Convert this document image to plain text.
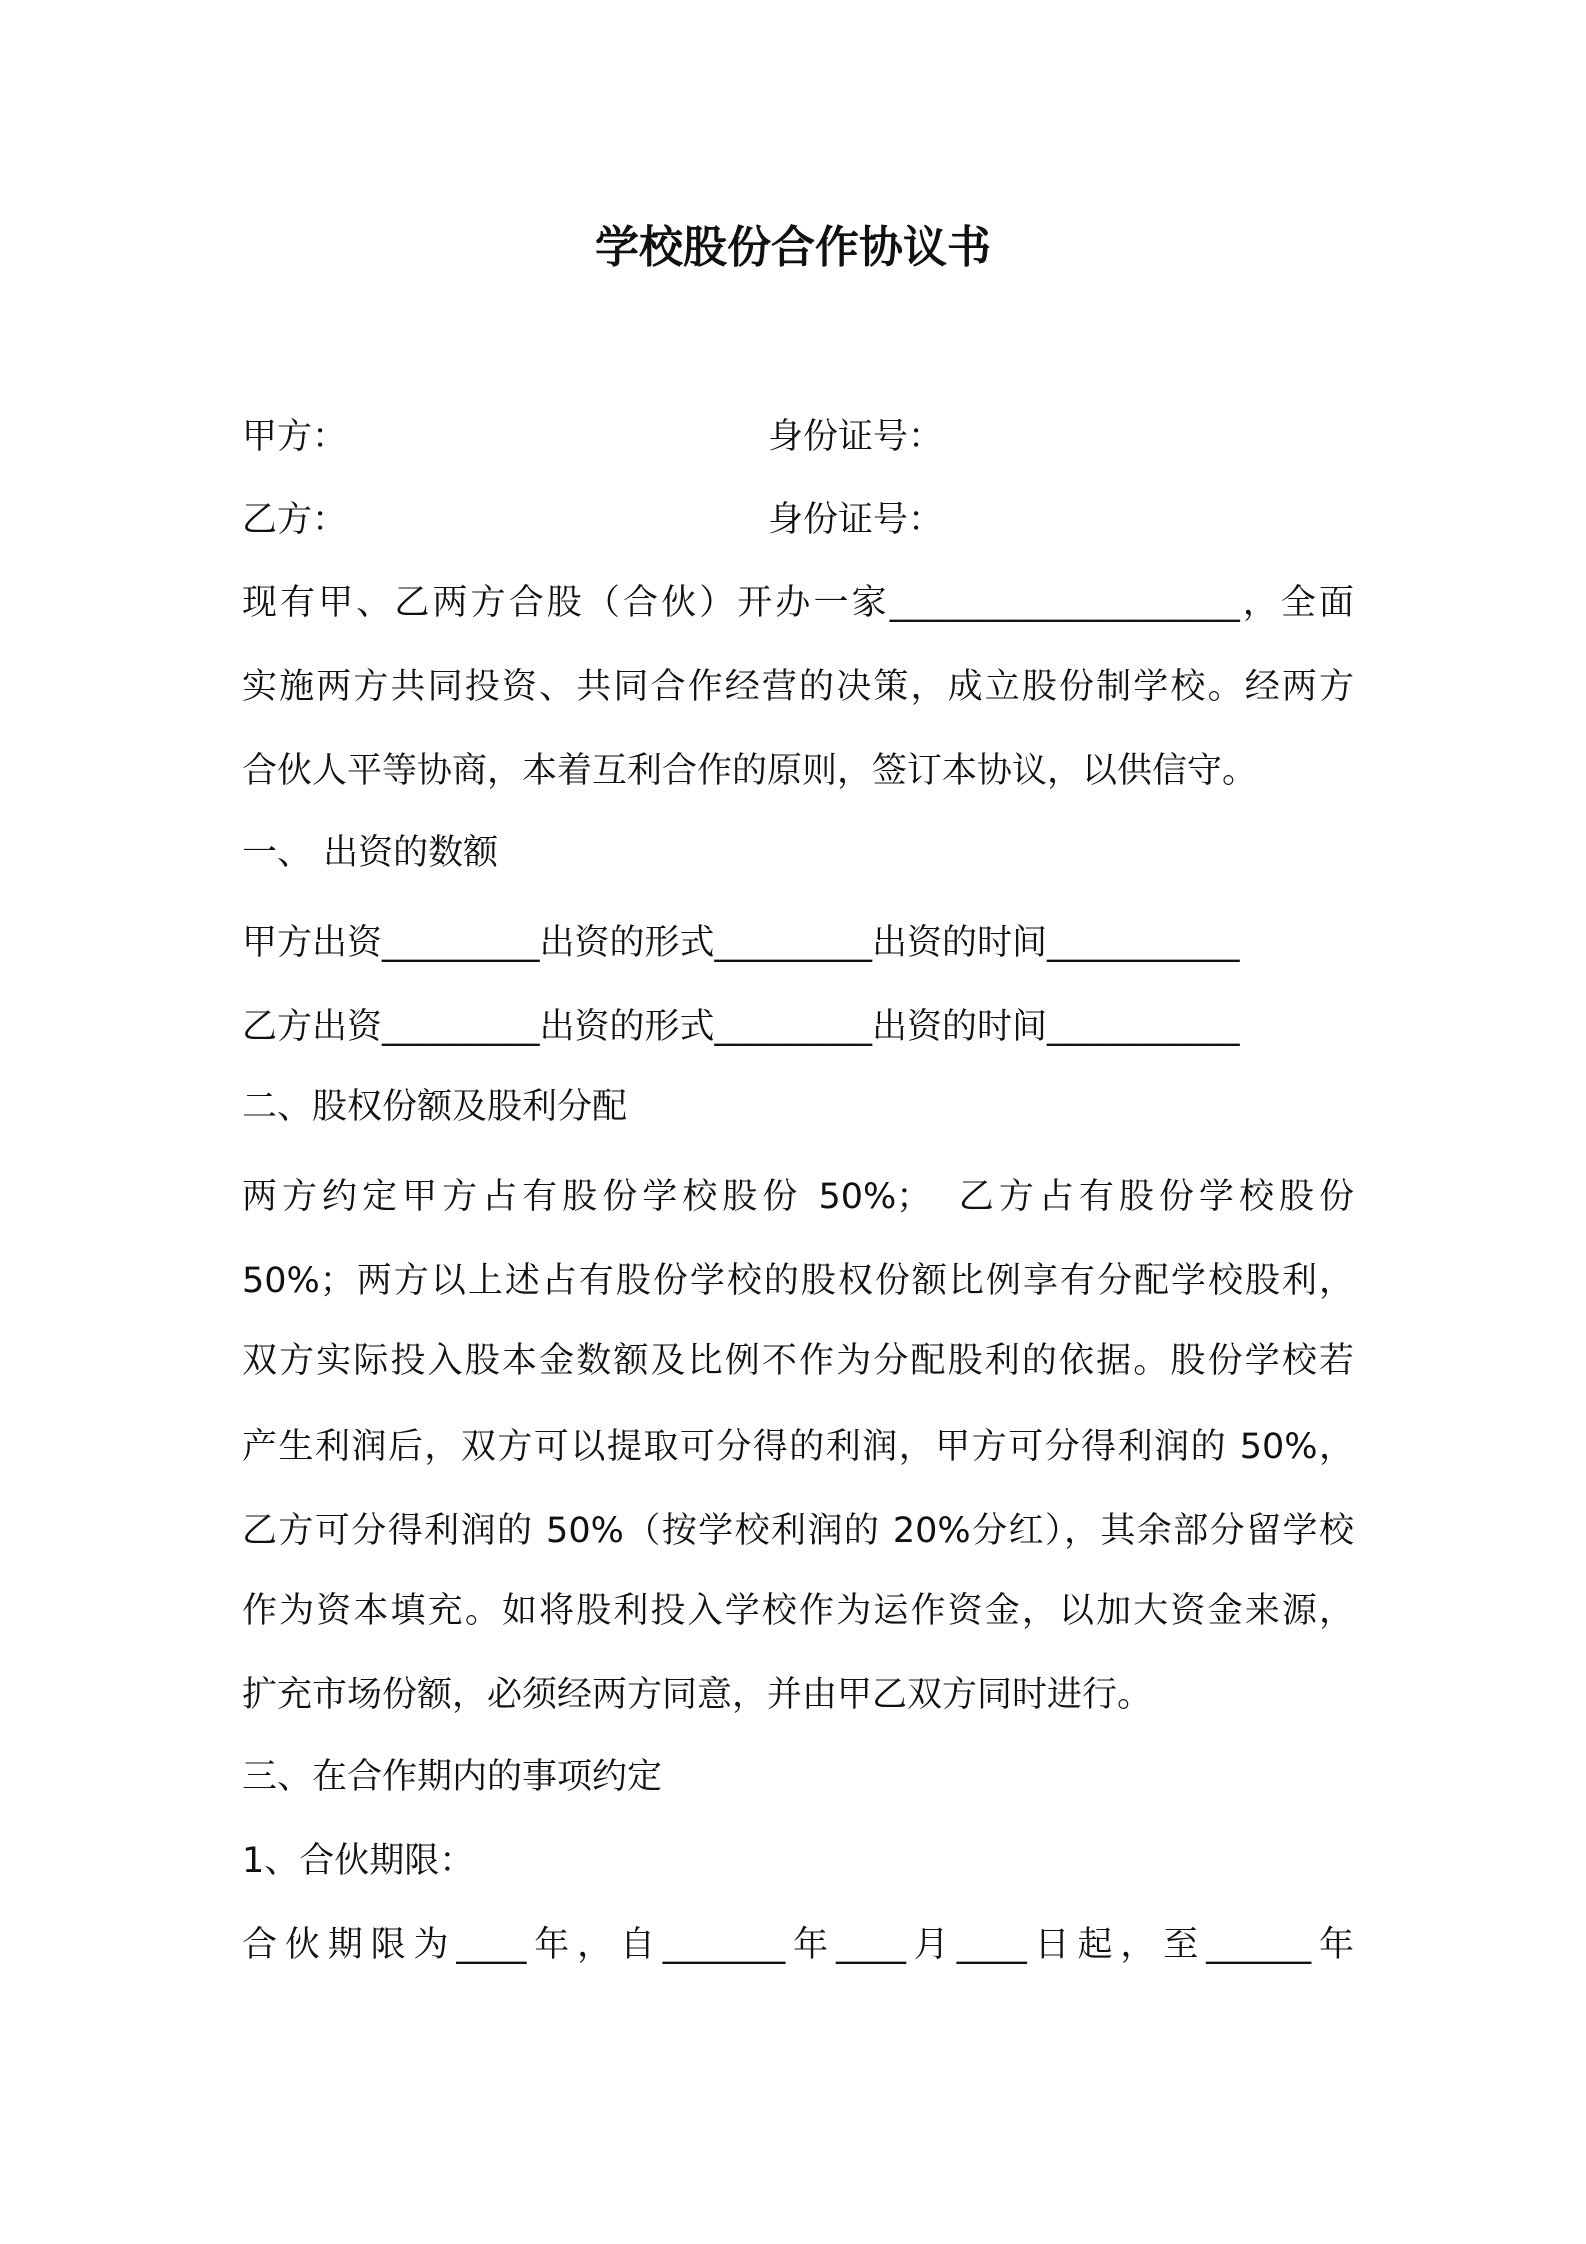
学校股份合作协议书
甲方：	身份证号：
乙方：	身份证号：
现有甲、乙两方合股（合伙）开办一家____________________，全面
实施两方共同投资、共同合作经营的决策，成立股份制学校。经两方
合伙人平等协商，本着互利合作的原则，签订本协议，以供信守。
一、 出资的数额
甲方出资_________出资的形式_________出资的时间___________
乙方出资_________出资的形式_________出资的时间___________
二、股权份额及股利分配
两方约定甲方占有股份学校股份 50%；　乙方占有股份学校股份
50%；两方以上述占有股份学校的股权份额比例享有分配学校股利，
双方实际投入股本金数额及比例不作为分配股利的依据。股份学校若
产生利润后，双方可以提取可分得的利润，甲方可分得利润的 50%，
乙方可分得利润的 50%（按学校利润的 20%分红），其余部分留学校
作为资本填充。如将股利投入学校作为运作资金，以加大资金来源，
扩充市场份额，必须经两方同意，并由甲乙双方同时进行。
三、在合作期内的事项约定
1、合伙期限：
合伙期限为____年，自_______年____月____日起，至______年
